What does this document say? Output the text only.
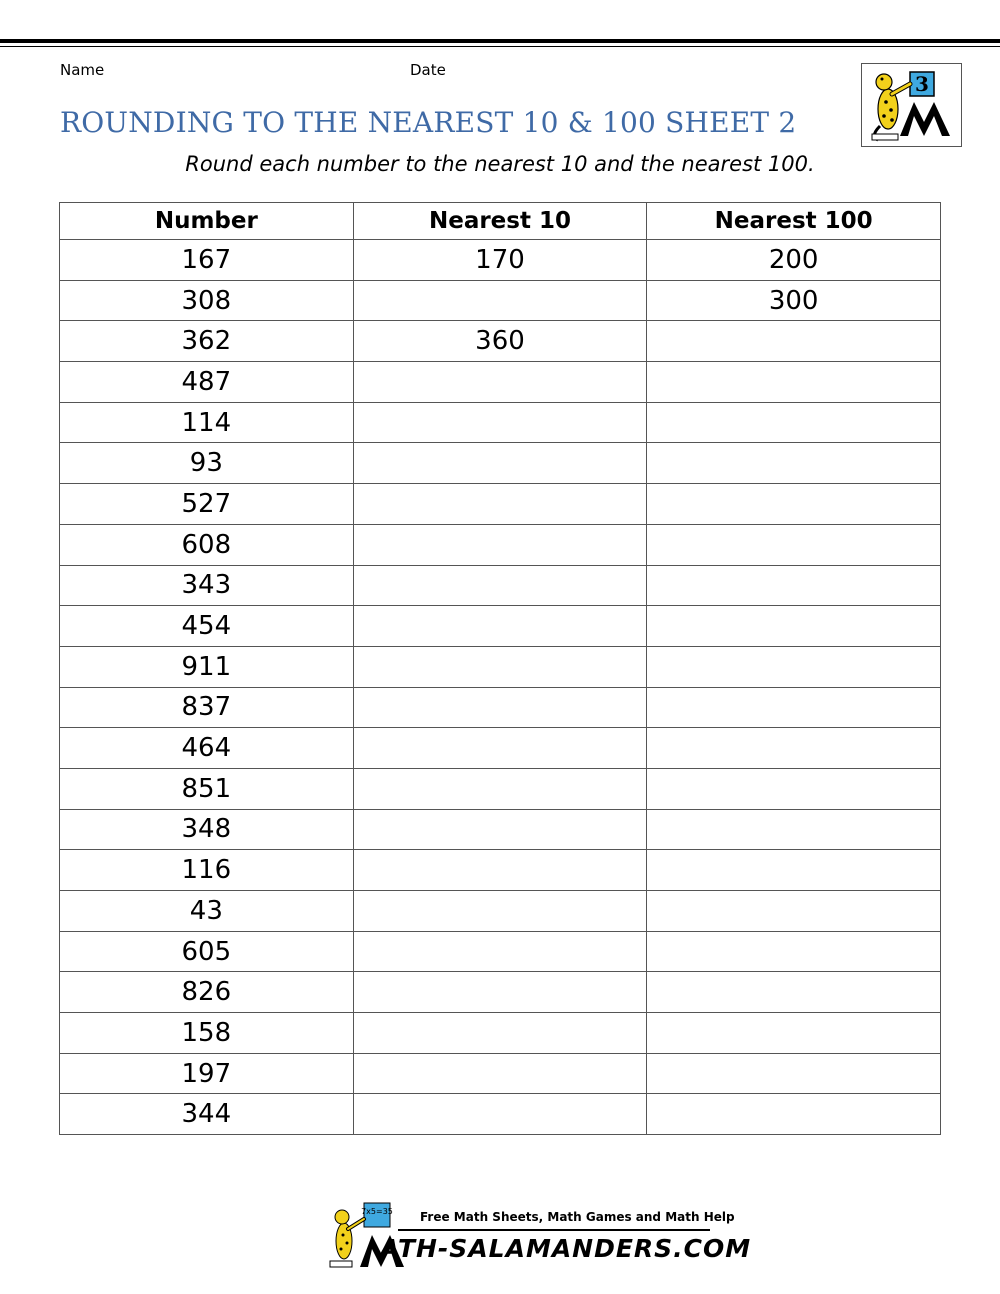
Name	Date
3
ROUNDING TO THE NEAREST 10 & 100 SHEET 2
Round each number to the nearest 10 and the nearest 100.
Number	Nearest 10	Nearest 100
167	170	200
308		300
362	360	
487		
114		
93		
527		
608		
343		
454		
911		
837		
464		
851		
348		
116		
43		
605		
826		
158		
197		
344		
7x5=35 Free Math Sheets, Math Games and Math Help
ATH-SALAMANDERS.COM
